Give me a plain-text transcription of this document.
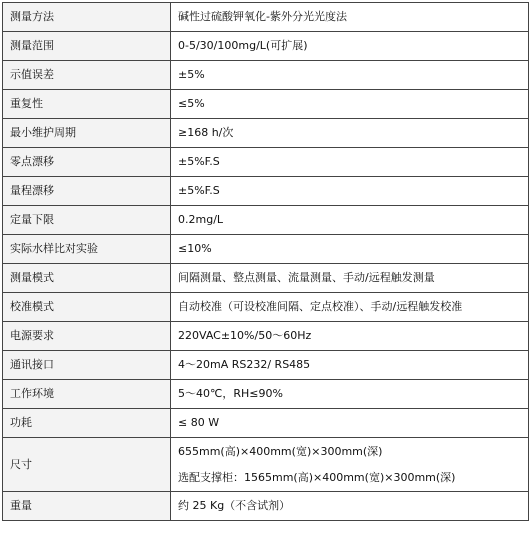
测量方法	碱性过硫酸钾氧化-紫外分光光度法
测量范围	0-5/30/100mg/L(可扩展)
示值误差	±5%
重复性	≤5%
最小维护周期	≥168 h/次
零点漂移	±5%F.S
量程漂移	±5%F.S
定量下限	0.2mg/L
实际水样比对实验	≤10%
测量模式	间隔测量、整点测量、流量测量、手动/远程触发测量
校准模式	自动校准（可设校准间隔、定点校准）、手动/远程触发校准
电源要求	220VAC±10%/50～60Hz
通讯接口	4～20mA RS232/ RS485
工作环境	5～40℃，RH≤90%
功耗	≤ 80 W
尺寸	655mm(高)×400mm(宽)×300mm(深)
选配支撑柜：1565mm(高)×400mm(宽)×300mm(深)

重量	约 25 Kg（不含试剂）
